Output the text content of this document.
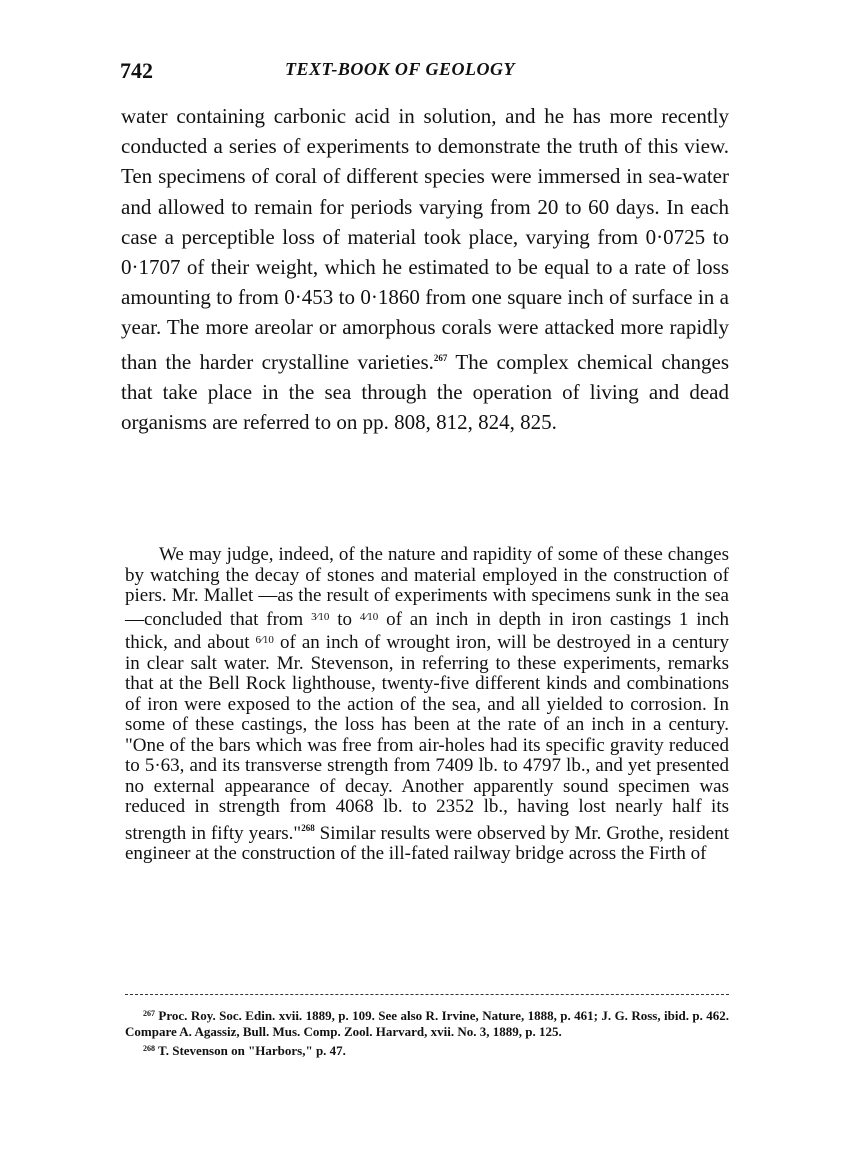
742	TEXT-BOOK OF GEOLOGY

water containing carbonic acid in solution, and he has more recently conducted a series of experiments to demonstrate the truth of this view. Ten specimens of coral of different species were immersed in sea-water and allowed to remain for periods varying from 20 to 60 days. In each case a perceptible loss of material took place, varying from 0·0725 to 0·1707 of their weight, which he estimated to be equal to a rate of loss amounting to from 0·453 to 0·1860 from one square inch of surface in a year. The more areolar or amorphous corals were attacked more rapidly than the harder crystalline varieties.$^{267}$ The complex chemical changes that take place in the sea through the operation of living and dead organisms are referred to on pp. 808, 812, 824, 825.

We may judge, indeed, of the nature and rapidity of some of these changes by watching the decay of stones and material employed in the construction of piers. Mr. Mallet —as the result of experiments with specimens sunk in the sea—concluded that from $^{3⁄10}$ to $^{4⁄10}$ of an inch in depth in iron castings 1 inch thick, and about $^{6⁄10}$ of an inch of wrought iron, will be destroyed in a century in clear salt water. Mr. Stevenson, in referring to these experiments, remarks that at the Bell Rock lighthouse, twenty-five different kinds and combinations of iron were exposed to the action of the sea, and all yielded to corrosion. In some of these castings, the loss has been at the rate of an inch in a century. "One of the bars which was free from air-holes had its specific gravity reduced to 5·63, and its transverse strength from 7409 lb. to 4797 lb., and yet presented no external appearance of decay. Another apparently sound specimen was reduced in strength from 4068 lb. to 2352 lb., having lost nearly half its strength in fifty years."$^{268}$ Similar results were observed by Mr. Grothe, resident engineer at the construction of the ill-fated railway bridge across the Firth of

$^{267}$ Proc. Roy. Soc. Edin. xvii. 1889, p. 109. See also R. Irvine, Nature, 1888, p. 461; J. G. Ross, ibid. p. 462. Compare A. Agassiz, Bull. Mus. Comp. Zool. Harvard, xvii. No. 3, 1889, p. 125.

$^{268}$ T. Stevenson on "Harbors," p. 47.
